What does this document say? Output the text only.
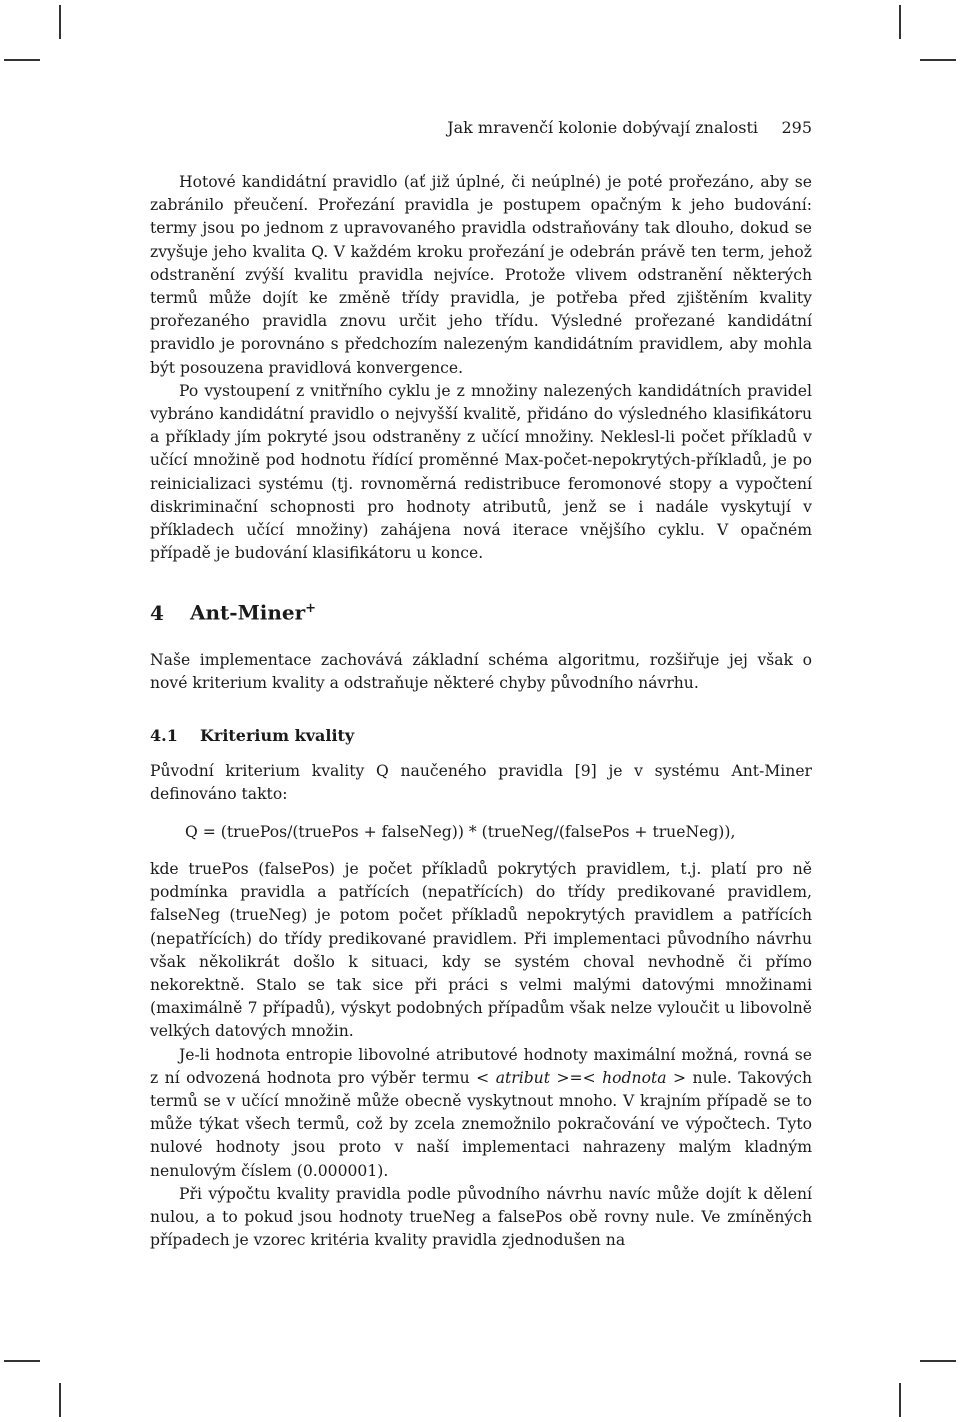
Jak mravenčí kolonie dobývají znalosti 295

Hotové kandidátní pravidlo (ať již úplné, či neúplné) je poté prořezáno, aby se zabránilo přeučení. Prořezání pravidla je postupem opačným k jeho budování: termy jsou po jednom z upravovaného pravidla odstraňovány tak dlouho, dokud se zvyšuje jeho kvalita Q. V každém kroku prořezání je odebrán právě ten term, jehož odstranění zvýší kvalitu pravidla nejvíce. Protože vlivem odstranění některých termů může dojít ke změně třídy pravidla, je potřeba před zjištěním kvality prořezaného pravidla znovu určit jeho třídu. Výsledné prořezané kandidátní pravidlo je porovnáno s předchozím nalezeným kandidátním pravidlem, aby mohla být posouzena pravidlová konvergence.

Po vystoupení z vnitřního cyklu je z množiny nalezených kandidátních pravidel vybráno kandidátní pravidlo o nejvyšší kvalitě, přidáno do výsledného klasifikátoru a příklady jím pokryté jsou odstraněny z učící množiny. Neklesl-li počet příkladů v učící množině pod hodnotu řídící proměnné Max-počet-nepokrytých-příkladů, je po reinicializaci systému (tj. rovnoměrná redistribuce feromonové stopy a vypočtení diskriminační schopnosti pro hodnoty atributů, jenž se i nadále vyskytují v příkladech učící množiny) zahájena nová iterace vnějšího cyklu. V opačném případě je budování klasifikátoru u konce.

4 Ant-Miner+

Naše implementace zachovává základní schéma algoritmu, rozšiřuje jej však o nové kriterium kvality a odstraňuje některé chyby původního návrhu.

4.1 Kriterium kvality

Původní kriterium kvality Q naučeného pravidla [9] je v systému Ant-Miner definováno takto:

Q = (truePos/(truePos + falseNeg)) * (trueNeg/(falsePos + trueNeg)),

kde truePos (falsePos) je počet příkladů pokrytých pravidlem, t.j. platí pro ně podmínka pravidla a patřících (nepatřících) do třídy predikované pravidlem, falseNeg (trueNeg) je potom počet příkladů nepokrytých pravidlem a patřících (nepatřících) do třídy predikované pravidlem. Při implementaci původního návrhu však několikrát došlo k situaci, kdy se systém choval nevhodně či přímo nekorektně. Stalo se tak sice při práci s velmi malými datovými množinami (maximálně 7 případů), výskyt podobných případům však nelze vyloučit u libovolně velkých datových množin.

Je-li hodnota entropie libovolné atributové hodnoty maximální možná, rovná se z ní odvozená hodnota pro výběr termu < atribut >=< hodnota > nule. Takových termů se v učící množině může obecně vyskytnout mnoho. V krajním případě se to může týkat všech termů, což by zcela znemožnilo pokračování ve výpočtech. Tyto nulové hodnoty jsou proto v naší implementaci nahrazeny malým kladným nenulovým číslem (0.000001).

Při výpočtu kvality pravidla podle původního návrhu navíc může dojít k dělení nulou, a to pokud jsou hodnoty trueNeg a falsePos obě rovny nule. Ve zmíněných případech je vzorec kritéria kvality pravidla zjednodušen na
